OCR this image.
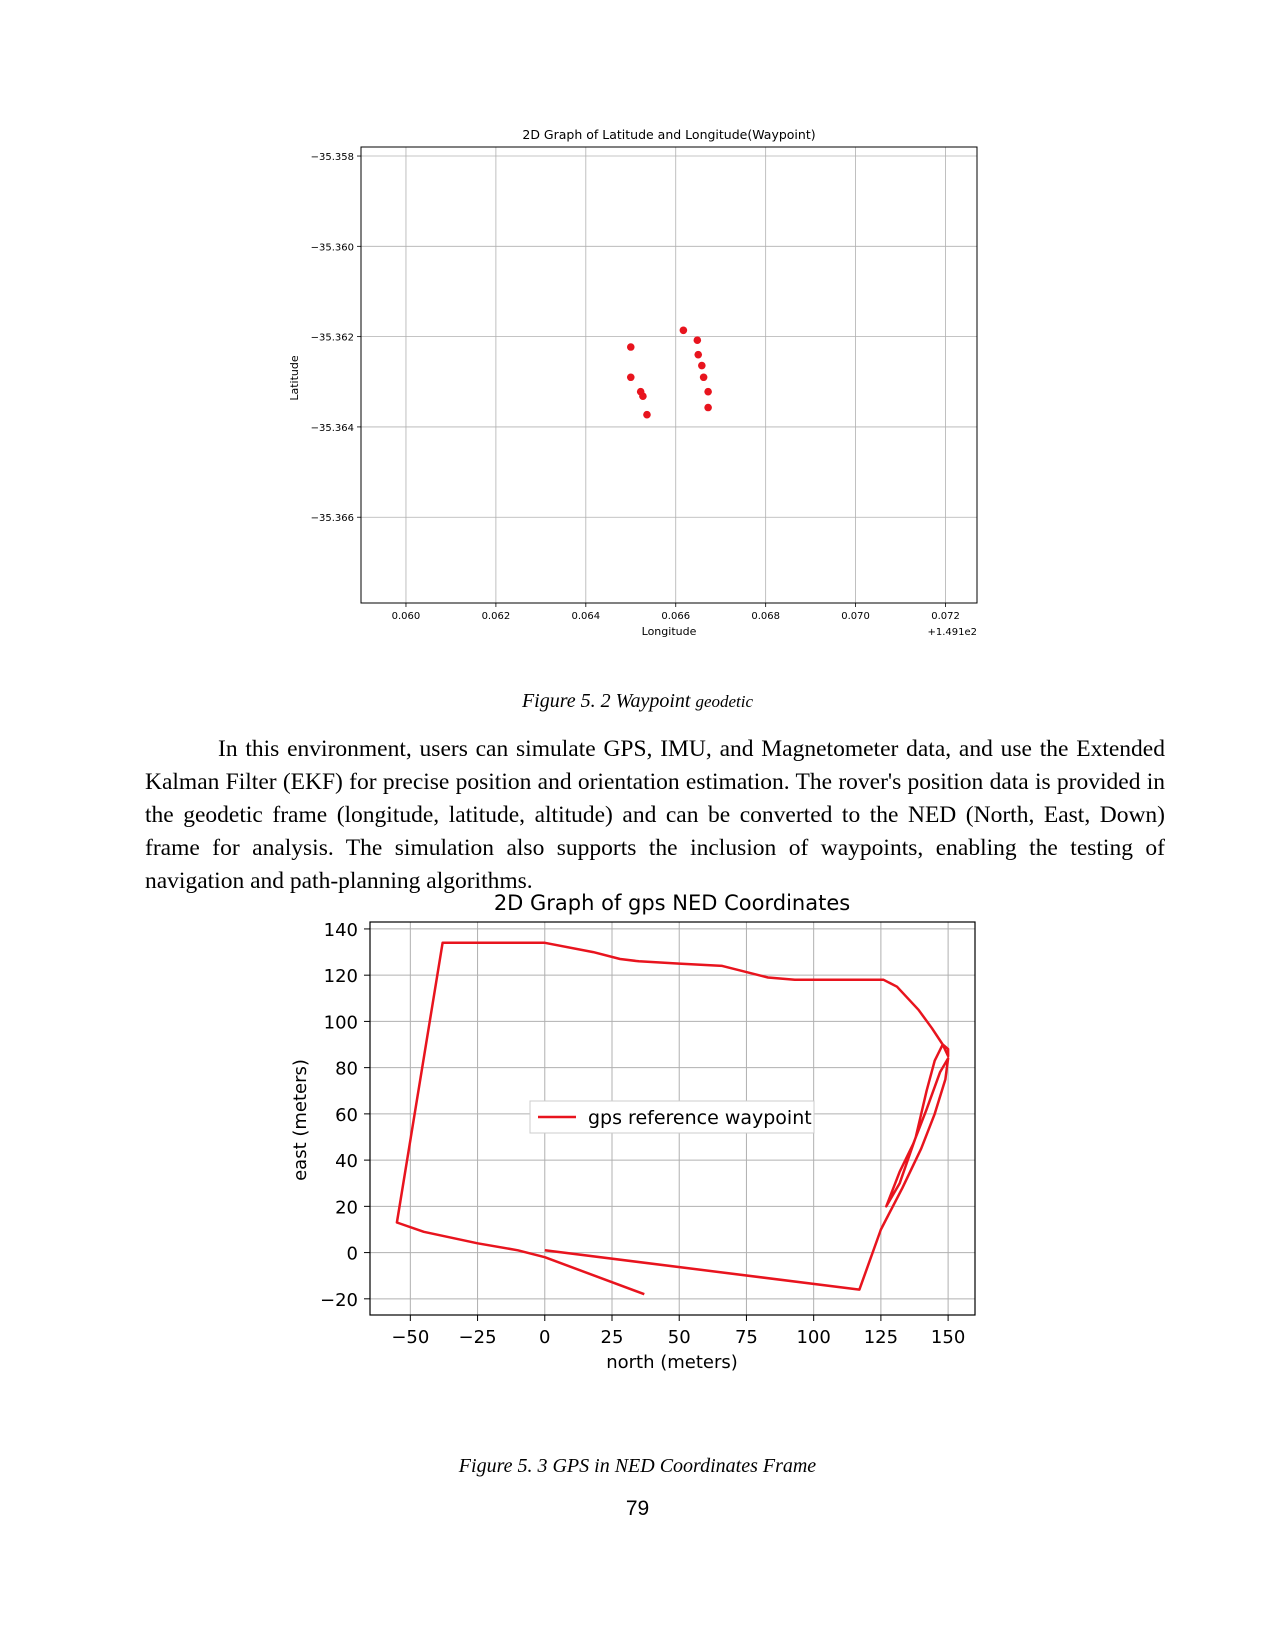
0.060	0.062	0.064	0.066	0.068	0.070	0.072
−35.358
−35.360
−35.362
−35.364
−35.366
2D Graph of Latitude and Longitude(Waypoint)
Longitude
Latitude
+1.491e2
Figure 5. 2 Waypoint geodetic

In this environment, users can simulate GPS, IMU, and Magnetometer data, and use the Extended Kalman Filter (EKF) for precise position and orientation estimation. The rover's position data is provided in the geodetic frame (longitude, latitude, altitude) and can be converted to the NED (North, East, Down) frame for analysis. The simulation also supports the inclusion of waypoints, enabling the testing of navigation and path-planning algorithms.

−50 −25 0	25 50 75 100 125 150
−20
0
20
40
60
80
100
120
140
gps reference waypoint
2D Graph of gps NED Coordinates
north (meters)
east (meters)
Figure 5. 3 GPS in NED Coordinates Frame
79
